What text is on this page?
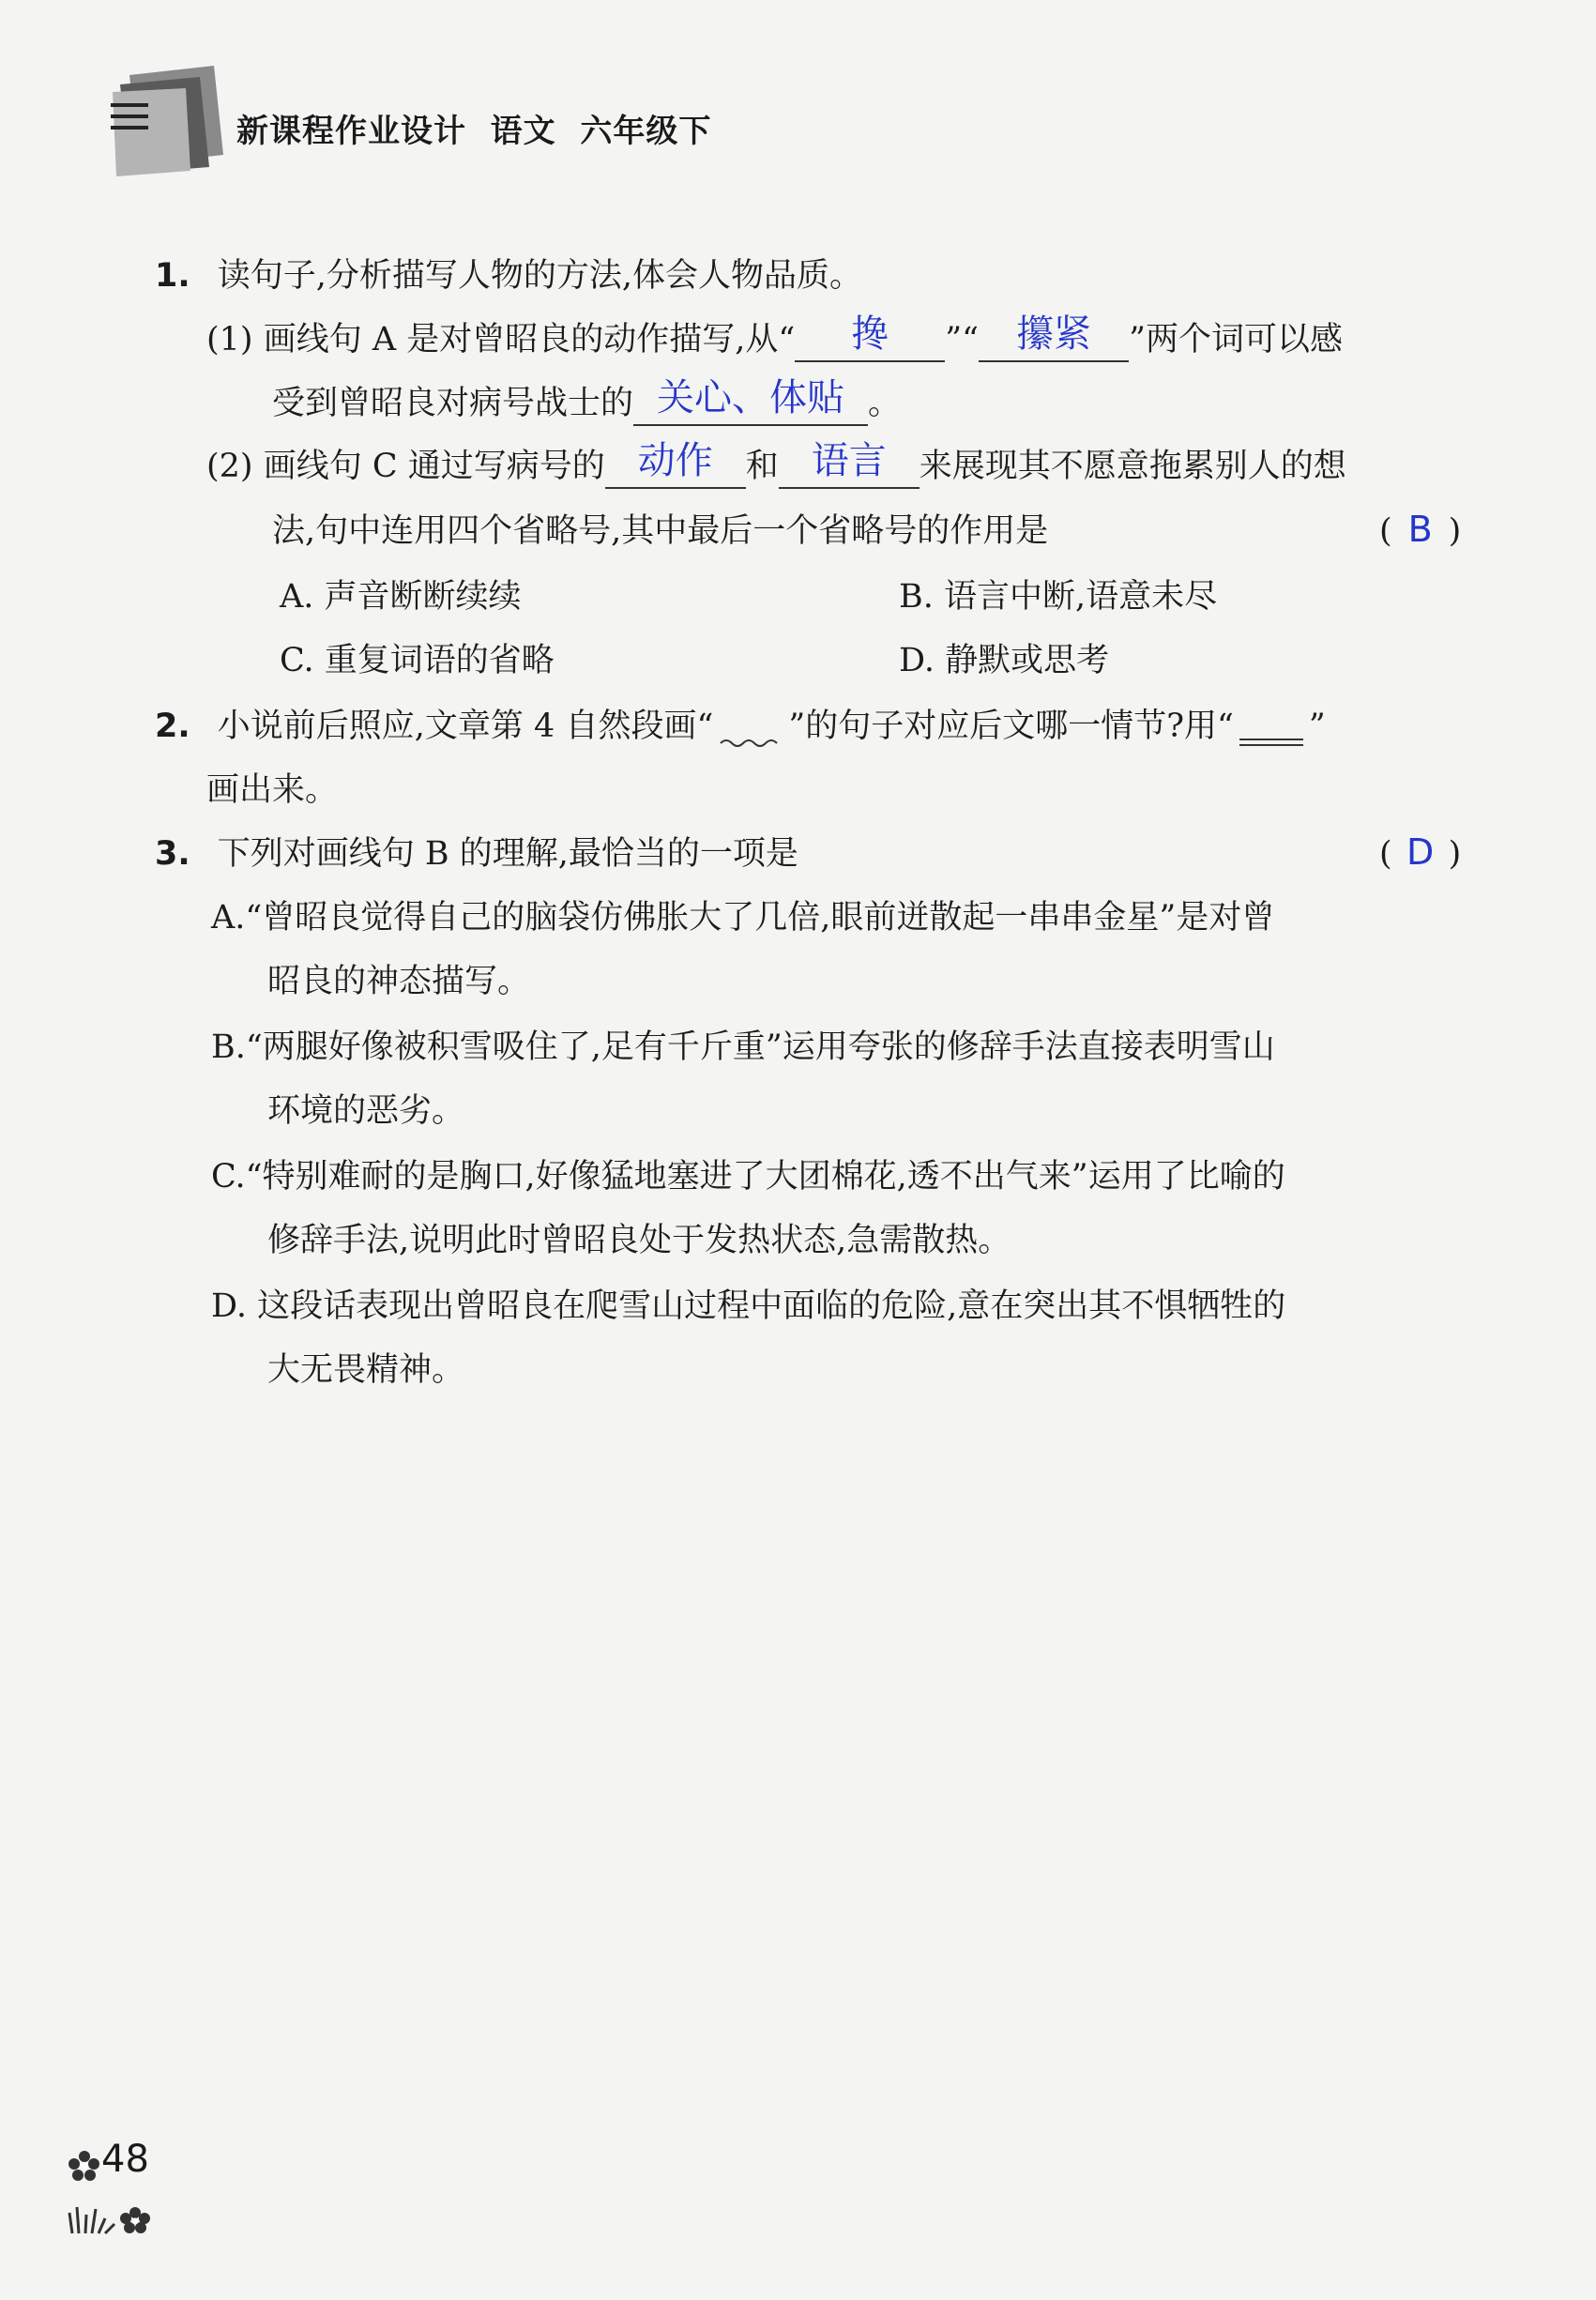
新课程作业设计  语文  六年级下
1. 读句子,分析描写人物的方法,体会人物品质。
(1) 画线句 A 是对曾昭良的动作描写,从“	搀	”“	攥紧	”两个词可以感
受到曾昭良对病号战士的 关心、体贴 。
(2) 画线句 C 通过写病号的 动作	和 语言	来展现其不愿意拖累别人的想
法,句中连用四个省略号,其中最后一个省略号的作用是	( B )
A. 声音断断续续	B. 语言中断,语意未尽
C. 重复词语的省略	D. 静默或思考
2. 小说前后照应,文章第 4 自然段画“ ”的句子对应后文哪一情节?用“ ”
画出来。
3. 下列对画线句 B 的理解,最恰当的一项是	( D )
A.“曾昭良觉得自己的脑袋仿佛胀大了几倍,眼前迸散起一串串金星”是对曾
昭良的神态描写。
B.“两腿好像被积雪吸住了,足有千斤重”运用夸张的修辞手法直接表明雪山
环境的恶劣。
C.“特别难耐的是胸口,好像猛地塞进了大团棉花,透不出气来”运用了比喻的
修辞手法,说明此时曾昭良处于发热状态,急需散热。
D. 这段话表现出曾昭良在爬雪山过程中面临的危险,意在突出其不惧牺牲的
大无畏精神。
48
